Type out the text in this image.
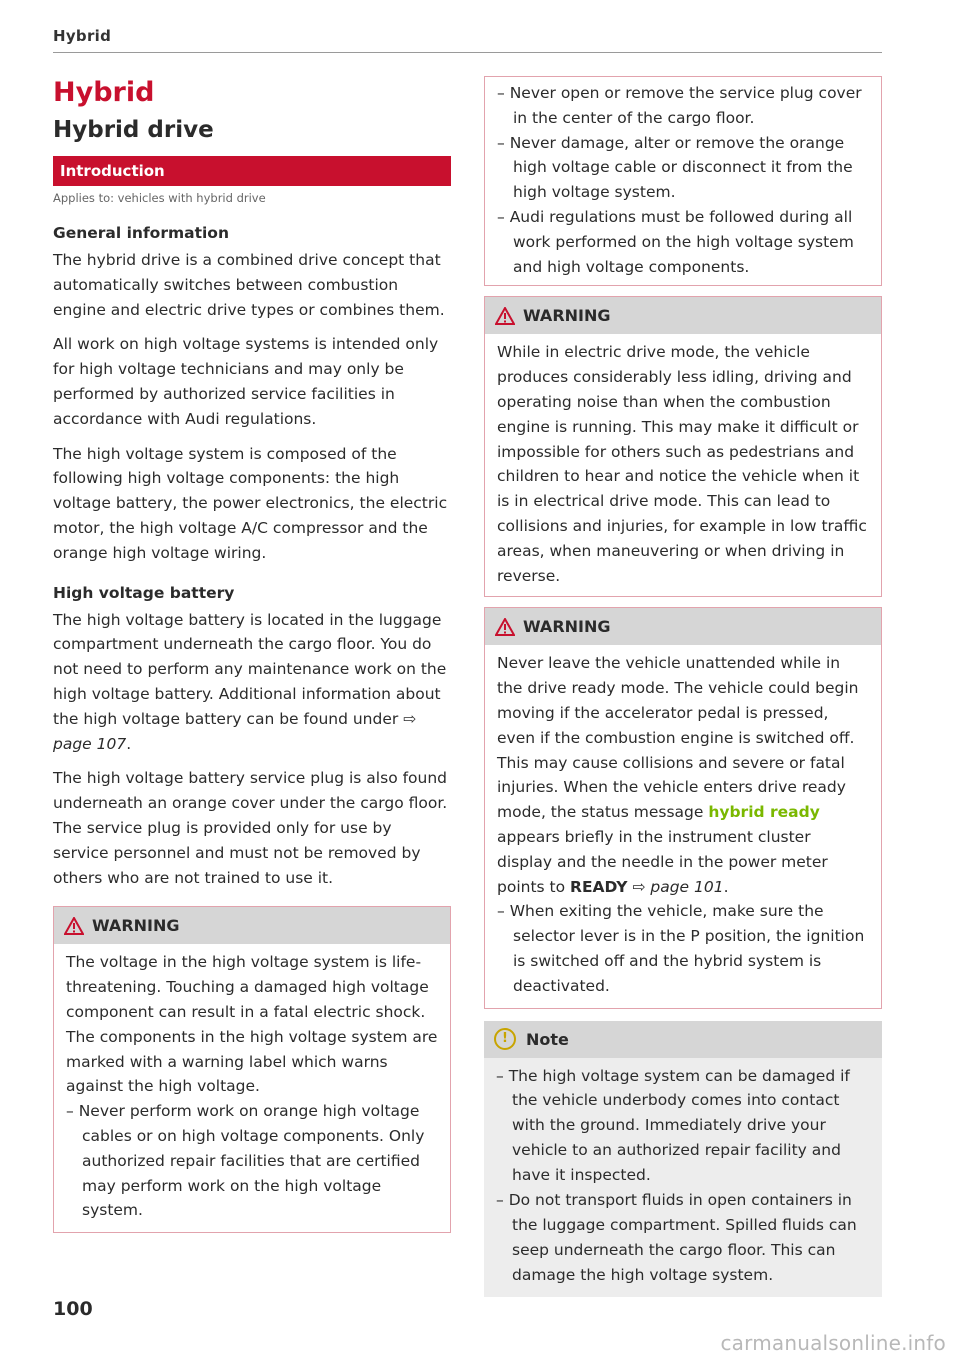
Hybrid
Hybrid
Hybrid drive
Introduction
Applies to: vehicles with hybrid drive
General information

The hybrid drive is a combined drive concept that automatically switches between combustion engine and electric drive types or combines them.

All work on high voltage systems is intended only for high voltage technicians and may only be performed by authorized service facilities in accordance with Audi regulations.

The high voltage system is composed of the following high voltage components: the high voltage battery, the power electronics, the electric motor, the high voltage A/C compressor and the orange high voltage wiring.

High voltage battery

The high voltage battery is located in the luggage compartment underneath the cargo floor. You do not need to perform any maintenance work on the high voltage battery. Additional information about the high voltage battery can be found under ⇨ page 107.

The high voltage battery service plug is also found underneath an orange cover under the cargo floor. The service plug is provided only for use by service personnel and must not be removed by others who are not trained to use it.

WARNING

The voltage in the high voltage system is life-threatening. Touching a damaged high voltage component can result in a fatal electric shock. The components in the high voltage system are marked with a warning label which warns against the high voltage.

– Never perform work on orange high voltage cables or on high voltage components. Only authorized repair facilities that are certified may perform work on the high voltage system.
– Never open or remove the service plug cover in the center of the cargo floor.
– Never damage, alter or remove the orange high voltage cable or disconnect it from the high voltage system.
– Audi regulations must be followed during all work performed on the high voltage system and high voltage components.
WARNING

While in electric drive mode, the vehicle produces considerably less idling, driving and operating noise than when the combustion engine is running. This may make it difficult or impossible for others such as pedestrians and children to hear and notice the vehicle when it is in electrical drive mode. This can lead to collisions and injuries, for example in low traffic areas, when maneuvering or when driving in reverse.

WARNING

Never leave the vehicle unattended while in the drive ready mode. The vehicle could begin moving if the accelerator pedal is pressed, even if the combustion engine is switched off. This may cause collisions and severe or fatal injuries. When the vehicle enters drive ready mode, the status message hybrid ready appears briefly in the instrument cluster display and the needle in the power meter points to READY ⇨ page 101.

– When exiting the vehicle, make sure the selector lever is in the P position, the ignition is switched off and the hybrid system is deactivated.
!	Note
– The high voltage system can be damaged if the vehicle underbody comes into contact with the ground. Immediately drive your vehicle to an authorized repair facility and have it inspected.
– Do not transport fluids in open containers in the luggage compartment. Spilled fluids can seep underneath the cargo floor. This can damage the high voltage system.
100
carmanualsonline.info
